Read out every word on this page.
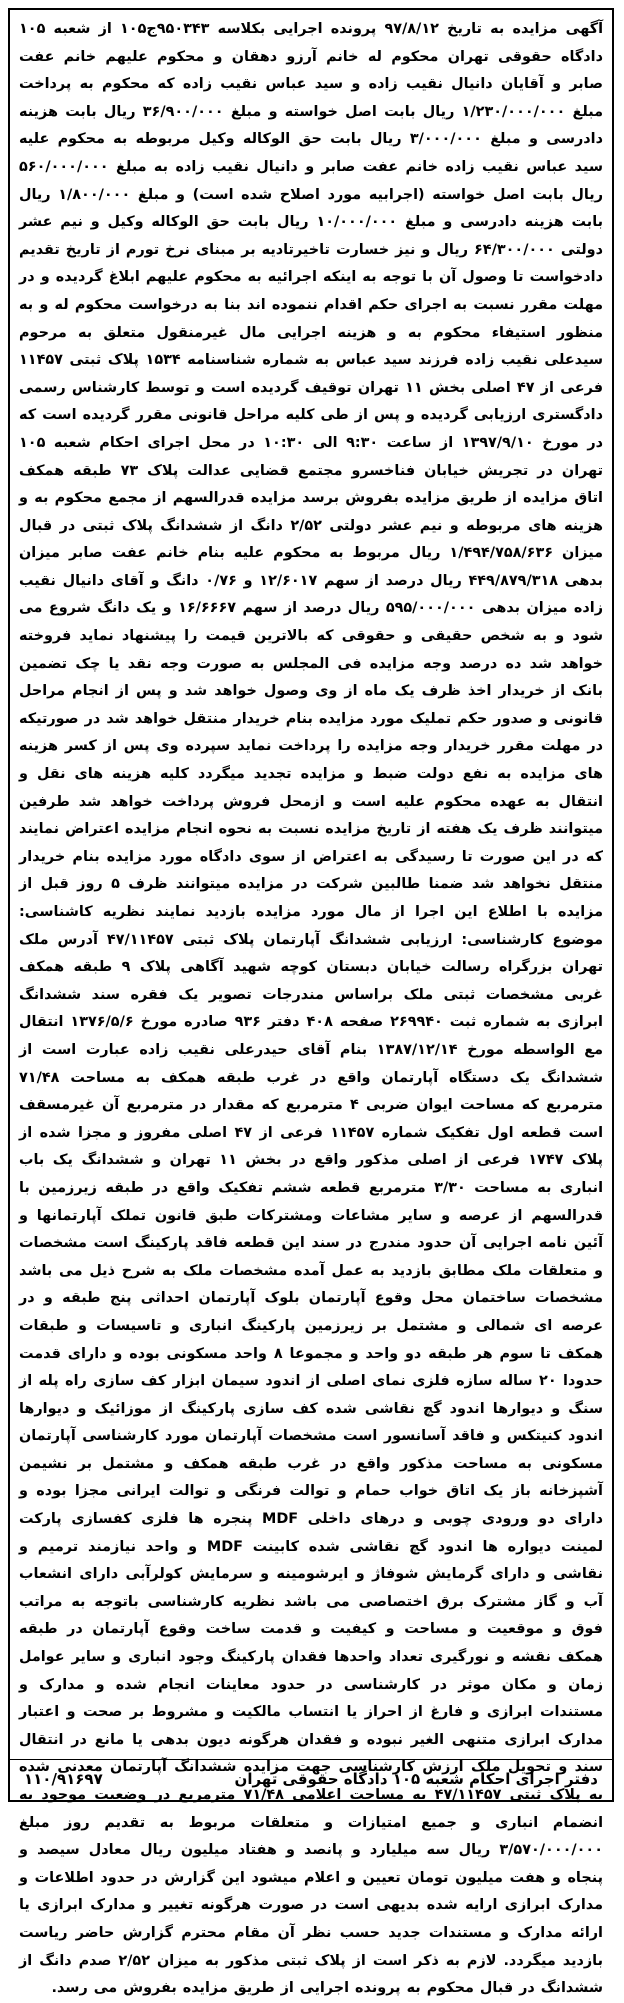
آگهی مزایده به تاریخ ۹۷/۸/۱۲ پرونده اجرایی بکلاسه ۹۵۰۳۴۳ج۱۰۵ از شعبه ۱۰۵ دادگاه حقوقی تهران محکوم له خانم آرزو دهقان و محکوم علیهم خانم عفت صابر و آقایان دانیال نقیب زاده و سید عباس نقیب زاده که محکوم به پرداخت مبلغ ۱/۲۳۰/۰۰۰/۰۰۰ ریال بابت اصل خواسته و مبلغ ۳۶/۹۰۰/۰۰۰ ریال بابت هزینه دادرسی و مبلغ ۳/۰۰۰/۰۰۰ ریال بابت حق الوکاله وکیل مربوطه به محکوم علیه سید عباس نقیب زاده خانم عفت صابر و دانیال نقیب زاده به مبلغ ۵۶۰/۰۰۰/۰۰۰ ریال بابت اصل خواسته (اجرابیه مورد اصلاح شده است) و مبلغ ۱/۸۰۰/۰۰۰ ریال بابت هزینه دادرسی و مبلغ ۱۰/۰۰۰/۰۰۰ ریال بابت حق الوکاله وکیل و نیم عشر دولتی ۶۴/۳۰۰/۰۰۰ ریال و نیز خسارت تاخیرتادیه بر مبنای نرخ تورم از تاریخ تقدیم دادخواست تا وصول آن با توجه به اینکه اجرائیه به محکوم علیهم ابلاغ گردیده و در مهلت مقرر نسبت به اجرای حکم اقدام ننموده اند بنا به درخواست محکوم له و به منظور استیفاء محکوم به و هزینه اجرایی مال غیرمنقول متعلق به مرحوم سیدعلی نقیب زاده فرزند سید عباس به شماره شناسنامه ۱۵۳۴ پلاک ثبتی ۱۱۴۵۷ فرعی از ۴۷ اصلی بخش ۱۱ تهران توقیف گردیده است و توسط کارشناس رسمی دادگستری ارزیابی گردیده و پس از طی کلیه مراحل قانونی مقرر گردیده است که در مورخ ۱۳۹۷/۹/۱۰ از ساعت ۹:۳۰ الی ۱۰:۳۰ در محل اجرای احکام شعبه ۱۰۵ تهران در تجریش خیابان فناخسرو مجتمع قضایی عدالت پلاک ۷۳ طبقه همکف اتاق مزایده از طریق مزایده بفروش برسد مزایده قدرالسهم از مجمع محکوم به و هزینه های مربوطه و نیم عشر دولتی ۲/۵۲ دانگ از ششدانگ پلاک ثبتی در قبال میزان ۱/۴۹۴/۷۵۸/۶۳۶ ریال مربوط به محکوم علیه بنام خانم عفت صابر میزان بدهی ۴۴۹/۸۷۹/۳۱۸ ریال درصد از سهم ۱۲/۶۰۱۷ و ۰/۷۶ دانگ و آقای دانیال نقیب زاده میزان بدهی ۵۹۵/۰۰۰/۰۰۰ ریال درصد از سهم ۱۶/۶۶۶۷ و یک دانگ شروع می شود و به شخص حقیقی و حقوقی که بالاترین قیمت را پیشنهاد نماید فروخته خواهد شد ده درصد وجه مزایده فی المجلس به صورت وجه نقد یا چک تضمین بانک از خریدار اخذ ظرف یک ماه از وی وصول خواهد شد و پس از انجام مراحل قانونی و صدور حکم تملیک مورد مزایده بنام خریدار منتقل خواهد شد در صورتیکه در مهلت مقرر خریدار وجه مزایده را پرداخت نماید سپرده وی پس از کسر هزینه های مزایده به نفع دولت ضبط و مزایده تجدید میگردد کلیه هزینه های نقل و انتقال به عهده محکوم علیه است و ازمحل فروش پرداخت خواهد شد طرفین میتوانند ظرف یک هفته از تاریخ مزایده نسبت به نحوه انجام مزایده اعتراض نمایند که در این صورت تا رسیدگی به اعتراض از سوی دادگاه مورد مزایده بنام خریدار منتقل نخواهد شد ضمنا طالبین شرکت در مزایده میتوانند ظرف ۵ روز قبل از مزایده با اطلاع این اجرا از مال مورد مزایده بازدید نمایند نظریه کاشناسی: موضوع کارشناسی: ارزیابی ششدانگ آپارتمان پلاک ثبتی ۴۷/۱۱۴۵۷ آدرس ملک تهران بزرگراه رسالت خیابان دبستان کوچه شهید آگاهی پلاک ۹ طبقه همکف غربی مشخصات ثبتی ملک براساس مندرجات تصویر یک فقره سند ششدانگ ابرازی به شماره ثبت ۲۶۹۹۴۰ صفحه ۴۰۸ دفتر ۹۳۶ صادره مورخ ۱۳۷۶/۵/۶ انتقال مع الواسطه مورخ ۱۳۸۷/۱۲/۱۴ بنام آقای حیدرعلی نقیب زاده عبارت است از ششدانگ یک دستگاه آپارتمان واقع در غرب طبقه همکف به مساحت ۷۱/۴۸ مترمربع که مساحت ایوان ضربی ۴ مترمربع که مقدار در مترمربع آن غیرمسقف است قطعه اول تفکیک شماره ۱۱۴۵۷ فرعی از ۴۷ اصلی مفروز و مجزا شده از پلاک ۱۷۴۷ فرعی از اصلی مذکور واقع در بخش ۱۱ تهران و ششدانگ یک باب انباری به مساحت ۳/۳۰ مترمربع قطعه ششم تفکیک واقع در طبقه زیرزمین با قدرالسهم از عرصه و سایر مشاعات ومشترکات طبق قانون تملک آپارتمانها و آئین نامه اجرایی آن حدود مندرج در سند این قطعه فاقد پارکینگ است مشخصات و متعلقات ملک مطابق بازدید به عمل آمده مشخصات ملک به شرح ذیل می باشد مشخصات ساختمان محل وقوع آپارتمان بلوک آپارتمان احداثی پنج طبقه و در عرصه ای شمالی و مشتمل بر زیرزمین پارکینگ انباری و تاسیسات و طبقات همکف تا سوم هر طبقه دو واحد و مجموعا ۸ واحد مسکونی بوده و دارای قدمت حدودا ۲۰ ساله سازه فلزی نمای اصلی از اندود سیمان ابزار کف سازی راه پله از سنگ و دیوارها اندود گچ نقاشی شده کف سازی پارکینگ از موزائیک و دیوارها اندود کنیتکس و فاقد آسانسور است مشخصات آپارتمان مورد کارشناسی آپارتمان مسکونی به مساحت مذکور واقع در غرب طبقه همکف و مشتمل بر نشیمن آشپزخانه باز یک اتاق خواب حمام و توالت فرنگی و توالت ایرانی مجزا بوده و دارای دو ورودی چوبی و درهای داخلی MDF پنجره ها فلزی کفسازی پارکت لمینت دیواره ها اندود گچ نقاشی شده کابینت MDF و واحد نیازمند ترمیم و نقاشی و دارای گرمایش شوفاژ و ایرشومینه و سرمایش کولرآبی دارای انشعاب آب و گاز مشترک برق اختصاصی می باشد نظریه کارشناسی باتوجه به مراتب فوق و موقعیت و مساحت و کیفیت و قدمت ساخت وقوع آپارتمان در طبقه همکف نقشه و نورگیری تعداد واحدها فقدان پارکینگ وجود انباری و سایر عوامل زمان و مکان موثر در کارشناسی در حدود معاینات انجام شده و مدارک و مستندات ابرازی و فارغ از احراز یا انتساب مالکیت و مشروط بر صحت و اعتبار مدارک ابرازی متنهی الغیر نبوده و فقدان هرگونه دیون بدهی یا مانع در انتقال سند و تحویل ملک ارزش کارشناسی جهت مزایده ششدانگ آپارتمان معدنی شده به پلاک ثبتی ۴۷/۱۱۴۵۷ به مساحت اعلامی ۷۱/۴۸ مترمربع در وضعیت موجود به انضمام انباری و جمیع امتیازات و متعلقات مربوط به تقدیم روز مبلغ ۳/۵۷۰/۰۰۰/۰۰۰ ریال سه میلیارد و پانصد و هفتاد میلیون ریال معادل سیصد و پنجاه و هفت میلیون تومان تعیین و اعلام میشود این گزارش در حدود اطلاعات و مدارک ابرازی ارایه شده بدیهی است در صورت هرگونه تغییر و مدارک ابرازی یا ارائه مدارک و مستندات جدید حسب نظر آن مقام محترم گزارش حاضر ریاست بازدید میگردد. لازم به ذکر است از پلاک ثبتی مذکور به میزان ۲/۵۲ صدم دانگ از ششدانگ در قبال محکوم به پرونده اجرایی از طریق مزایده بفروش می رسد.
دفتر اجرای احکام شعبه ۱۰۵ دادگاه حقوقی تهران
۱۱۰/۹۱۶۹۷
